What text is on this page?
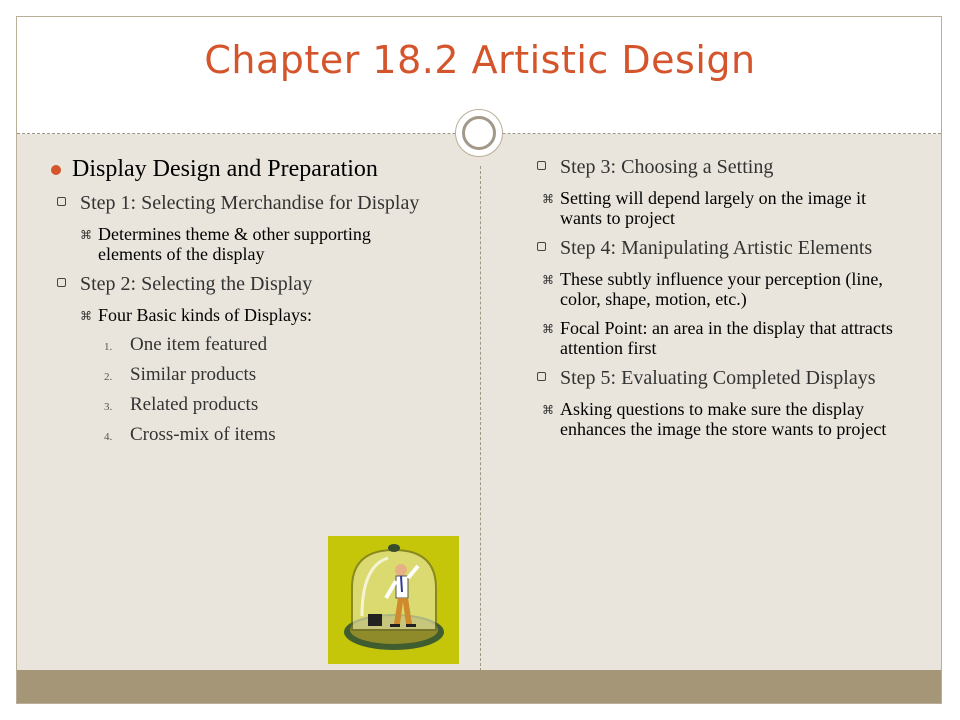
Chapter 18.2 Artistic Design
Display Design and Preparation
Step 1: Selecting Merchandise for Display
⌘ Determines theme & other supporting elements of the display
Step 2: Selecting the Display
⌘ Four Basic kinds of Displays:
1. One item featured
2. Similar products
3. Related products
4. Cross-mix of items
Step 3: Choosing a Setting
⌘ Setting will depend largely on the image it wants to project
Step 4: Manipulating Artistic Elements
⌘ These subtly influence your perception (line, color, shape, motion, etc.)
⌘ Focal Point: an area in the display that attracts attention first
Step 5: Evaluating Completed Displays
⌘ Asking questions to make sure the display enhances the image the store wants to project
